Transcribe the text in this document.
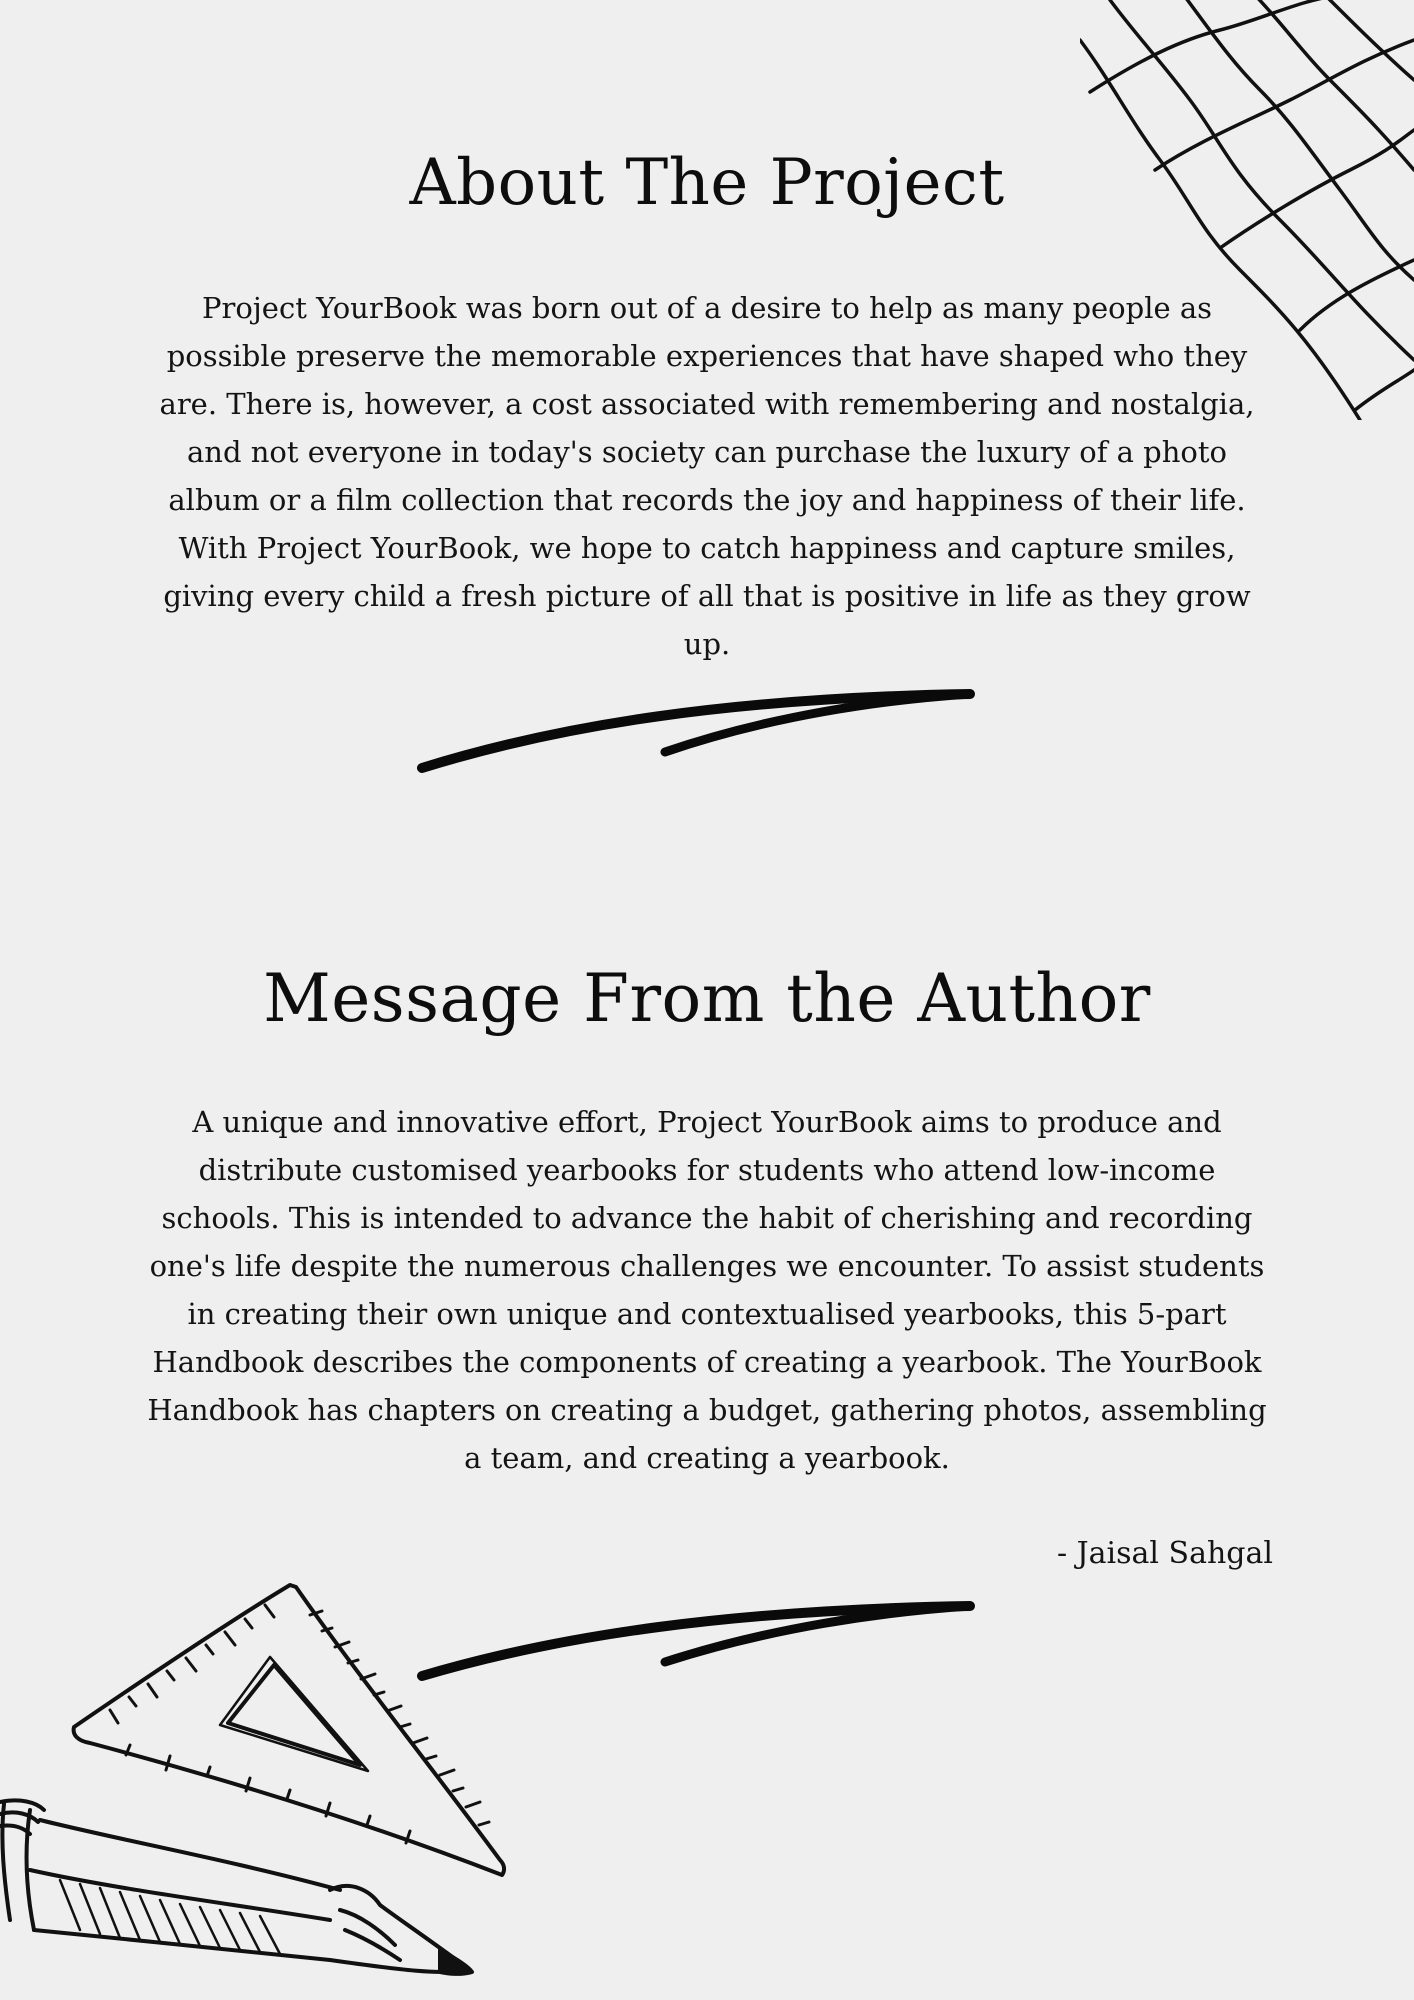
About The Project

Project YourBook was born out of a desire to help as many people as possible preserve the memorable experiences that have shaped who they are. There is, however, a cost associated with remembering and nostalgia, and not everyone in today's society can purchase the luxury of a photo album or a film collection that records the joy and happiness of their life. With Project YourBook, we hope to catch happiness and capture smiles, giving every child a fresh picture of all that is positive in life as they grow up.

Message From the Author

A unique and innovative effort, Project YourBook aims to produce and distribute customised yearbooks for students who attend low-income schools. This is intended to advance the habit of cherishing and recording one's life despite the numerous challenges we encounter. To assist students in creating their own unique and contextualised yearbooks, this 5-part Handbook describes the components of creating a yearbook. The YourBook Handbook has chapters on creating a budget, gathering photos, assembling a team, and creating a yearbook.

- Jaisal Sahgal
